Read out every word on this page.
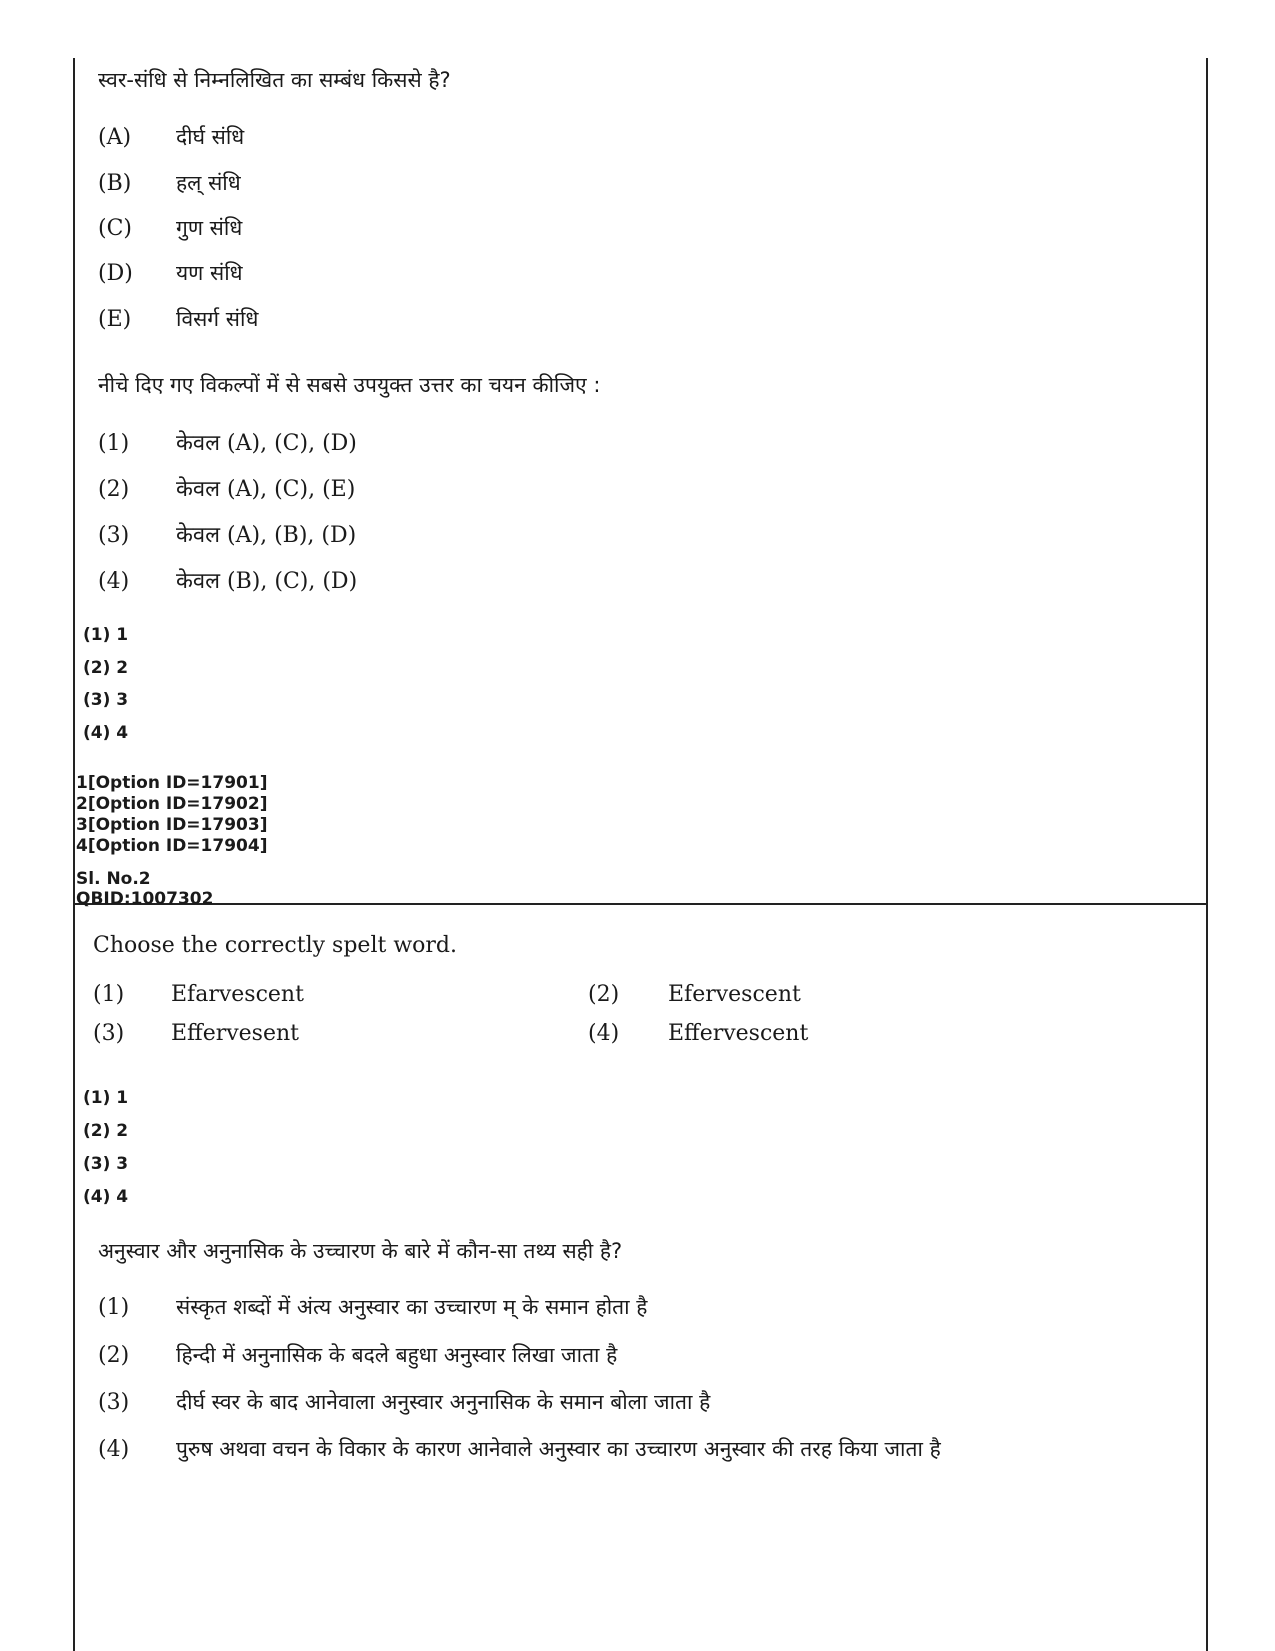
स्वर-संधि से निम्नलिखित का सम्बंध किससे है?
(A) दीर्घ संधि
(B) हल् संधि
(C) गुण संधि
(D) यण संधि
(E) विसर्ग संधि
नीचे दिए गए विकल्पों में से सबसे उपयुक्त उत्तर का चयन कीजिए :
(1) केवल (A), (C), (D)
(2) केवल (A), (C), (E)
(3) केवल (A), (B), (D)
(4) केवल (B), (C), (D)
(1) 1
(2) 2
(3) 3
(4) 4
1[Option ID=17901]
2[Option ID=17902]
3[Option ID=17903]
4[Option ID=17904]
Sl. No.2
QBID:1007302
Choose the correctly spelt word.
(1) Efarvescent	(2) Efervescent
(3) Effervesent	(4) Effervescent
(1) 1
(2) 2
(3) 3
(4) 4
अनुस्वार और अनुनासिक के उच्चारण के बारे में कौन-सा तथ्य सही है?
(1) संस्कृत शब्दों में अंत्य अनुस्वार का उच्चारण म् के समान होता है
(2) हिन्दी में अनुनासिक के बदले बहुधा अनुस्वार लिखा जाता है
(3) दीर्घ स्वर के बाद आनेवाला अनुस्वार अनुनासिक के समान बोला जाता है
(4) पुरुष अथवा वचन के विकार के कारण आनेवाले अनुस्वार का उच्चारण अनुस्वार की तरह किया जाता है
